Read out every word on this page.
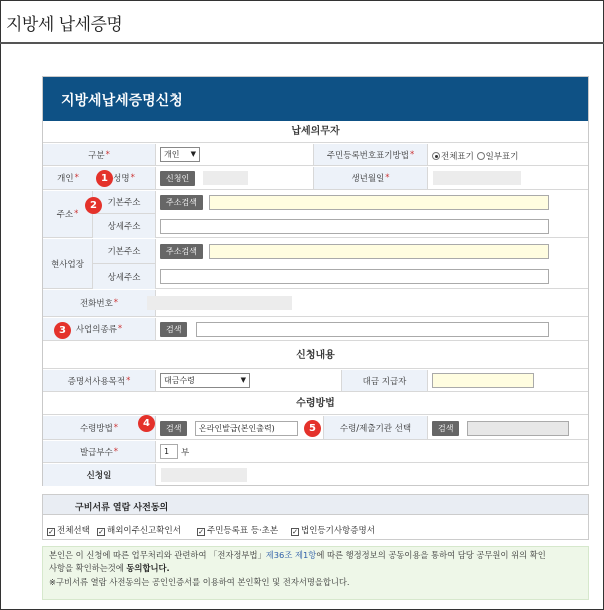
지방세 납세증명
지방세납세증명신청
납세의무자
구분 *	개인 ▼	주민등록번호표기방법 *	전체표기 일부표기
개인 *	성명 *	신청인	생년월일 *
주소 *
기본주소	주소검색
상세주소
현사업장
기본주소	주소검색
상세주소
전화번호 *
사업의종류 *	검색
신청내용
증명서사용목적 *	대금수령	▼	대금 지급자
수령방법
수령방법 *	검색	온라인발급(본인출력)	수령/제출기관 선택	검색
발급부수 *	1	부
신청일
1
2
3
4	5
구비서류 열람 사전동의
✓ 전체선택 ✓ 해외이주신고확인서 ✓ 주민등록표 등·초본 ✓ 법인등기사항증명서

본인은 이 신청에 따른 업무처리와 관련하여 「전자정부법」제36조 제1항에 따른 행정정보의 공동이용을 통하여 담당 공무원이 위의 확인

사항을 확인하는것에 동의합니다.

※구비서류 열람 사전동의는 공인인증서를 이용하여 본인확인 및 전자서명을합니다.
